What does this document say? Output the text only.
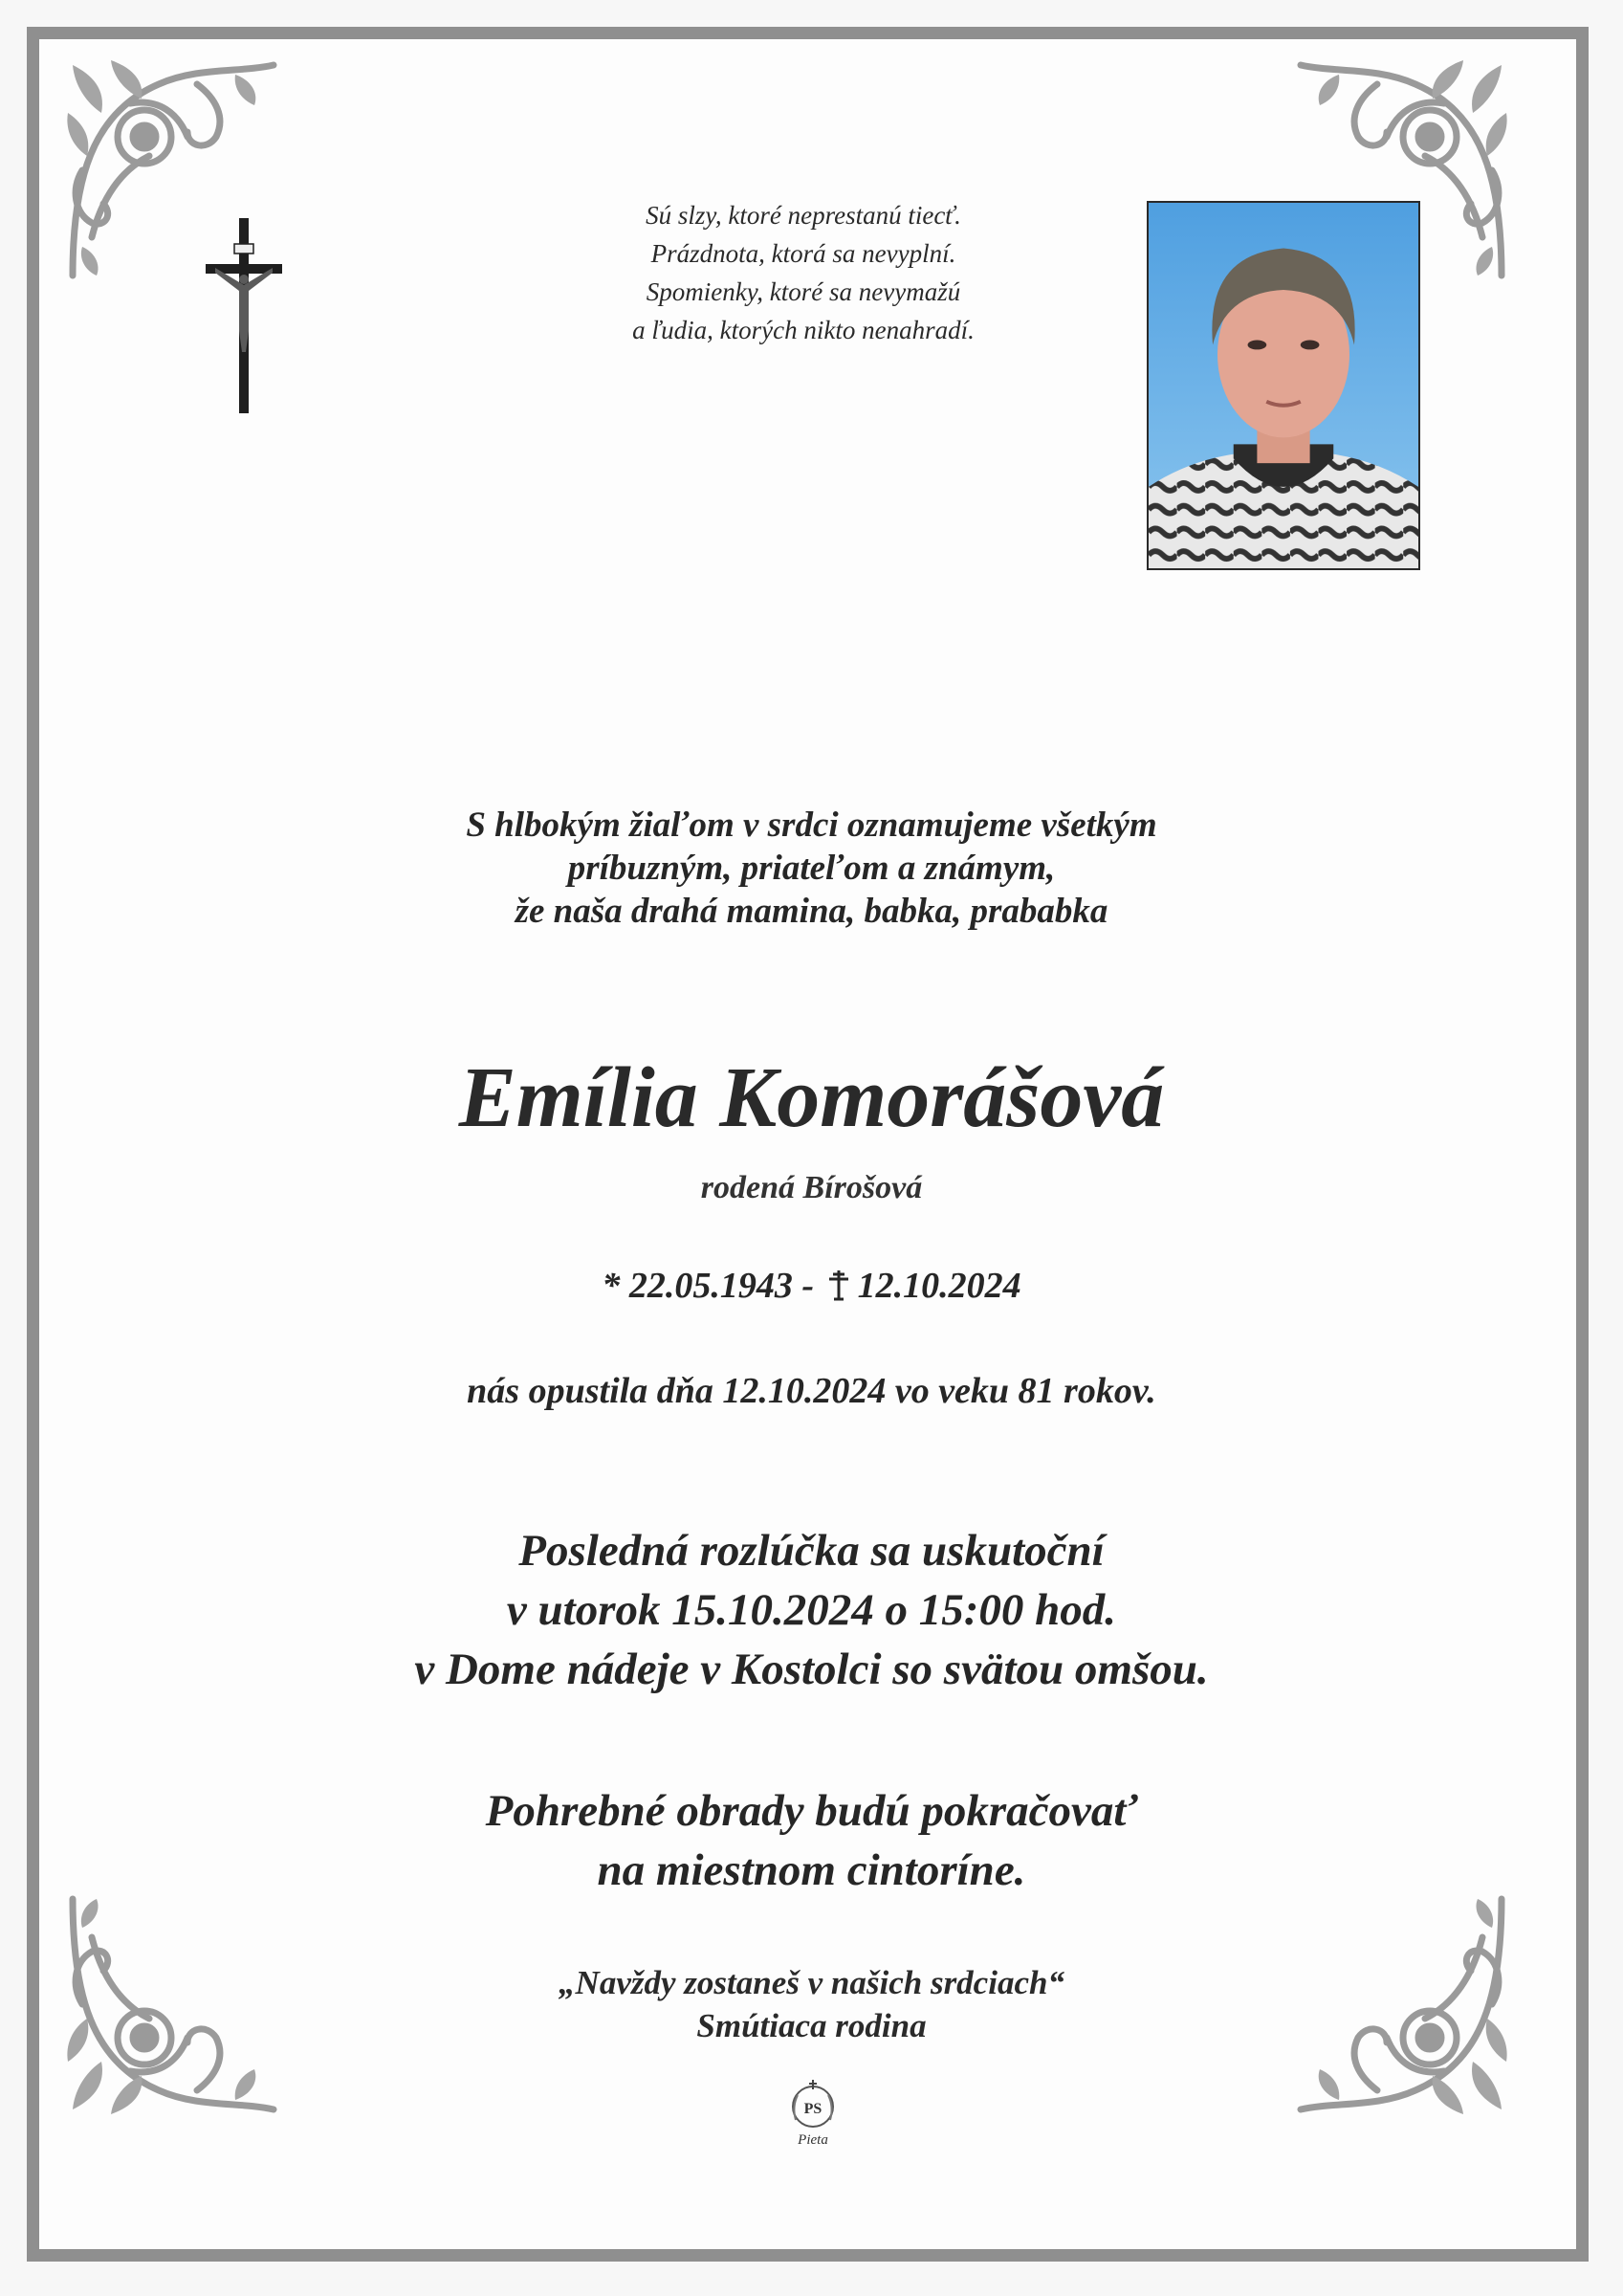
Sú slzy, ktoré neprestanú tiecť.
Prázdnota, ktorá sa nevyplní.
Spomienky, ktoré sa nevymažú
a ľudia, ktorých nikto nenahradí.
S hlbokým žiaľom v srdci oznamujeme všetkým
príbuzným, priateľom a známym,
že naša drahá mamina, babka, prababka
Emília Komorášová
rodená Bírošová
* 22.05.1943 - 12.10.2024
nás opustila dňa 12.10.2024 vo veku 81 rokov.
Posledná rozlúčka sa uskutoční
v utorok 15.10.2024 o 15:00 hod.
v Dome nádeje v Kostolci so svätou omšou.
Pohrebné obrady budú pokračovať
na miestnom cintoríne.
„Navždy zostaneš v našich srdciach“
Smútiaca rodina
PS
Pieta
